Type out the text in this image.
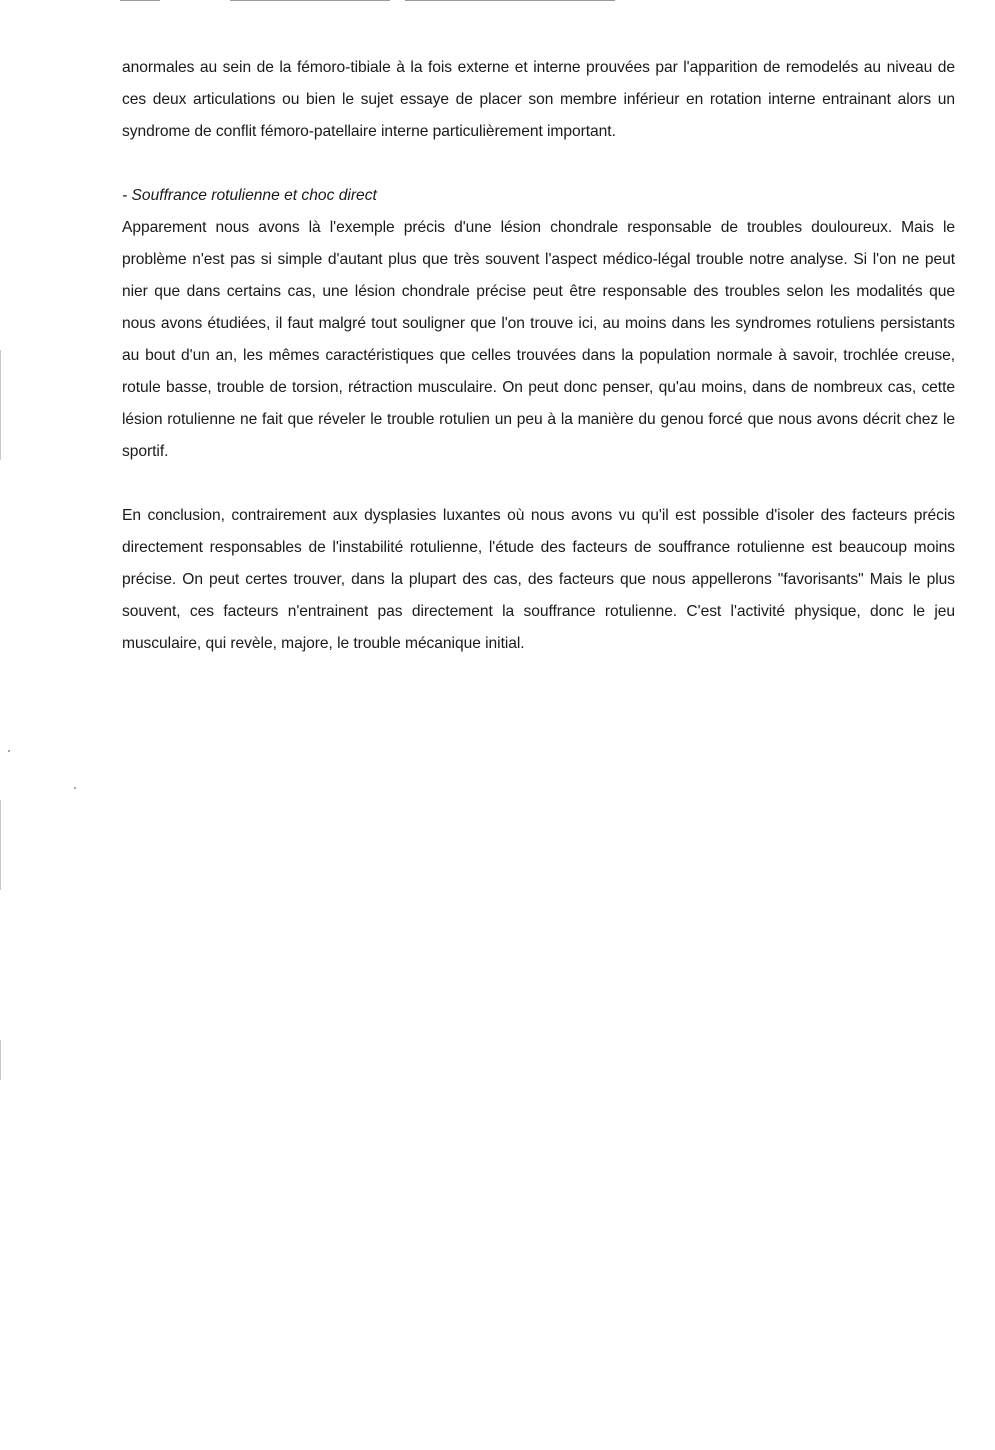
anormales au sein de la fémoro-tibiale à la fois externe et interne prouvées par l'apparition de remodelés au niveau de ces deux articulations ou bien le sujet essaye de placer son membre inférieur en rotation interne entrainant alors un syndrome de conflit fémoro-patellaire interne particulièrement important.

- Souffrance rotulienne et choc direct

Apparement nous avons là l'exemple précis d'une lésion chondrale responsable de troubles douloureux. Mais le problème n'est pas si simple d'autant plus que très souvent l'aspect médico-légal trouble notre analyse. Si l'on ne peut nier que dans certains cas, une lésion chondrale précise peut être responsable des troubles selon les modalités que nous avons étudiées, il faut malgré tout souligner que l'on trouve ici, au moins dans les syndromes rotuliens persistants au bout d'un an, les mêmes caractéristiques que celles trouvées dans la population normale à savoir, trochlée creuse, rotule basse, trouble de torsion, rétraction musculaire. On peut donc penser, qu'au moins, dans de nombreux cas, cette lésion rotulienne ne fait que réveler le trouble rotulien un peu à la manière du genou forcé que nous avons décrit chez le sportif.

En conclusion, contrairement aux dysplasies luxantes où nous avons vu qu'il est possible d'isoler des facteurs précis directement responsables de l'instabilité rotulienne, l'étude des facteurs de souffrance rotulienne est beaucoup moins précise. On peut certes trouver, dans la plupart des cas, des facteurs que nous appellerons "favorisants" Mais le plus souvent, ces facteurs n'entrainent pas directement la souffrance rotulienne. C'est l'activité physique, donc le jeu musculaire, qui revèle, majore, le trouble mécanique initial.
